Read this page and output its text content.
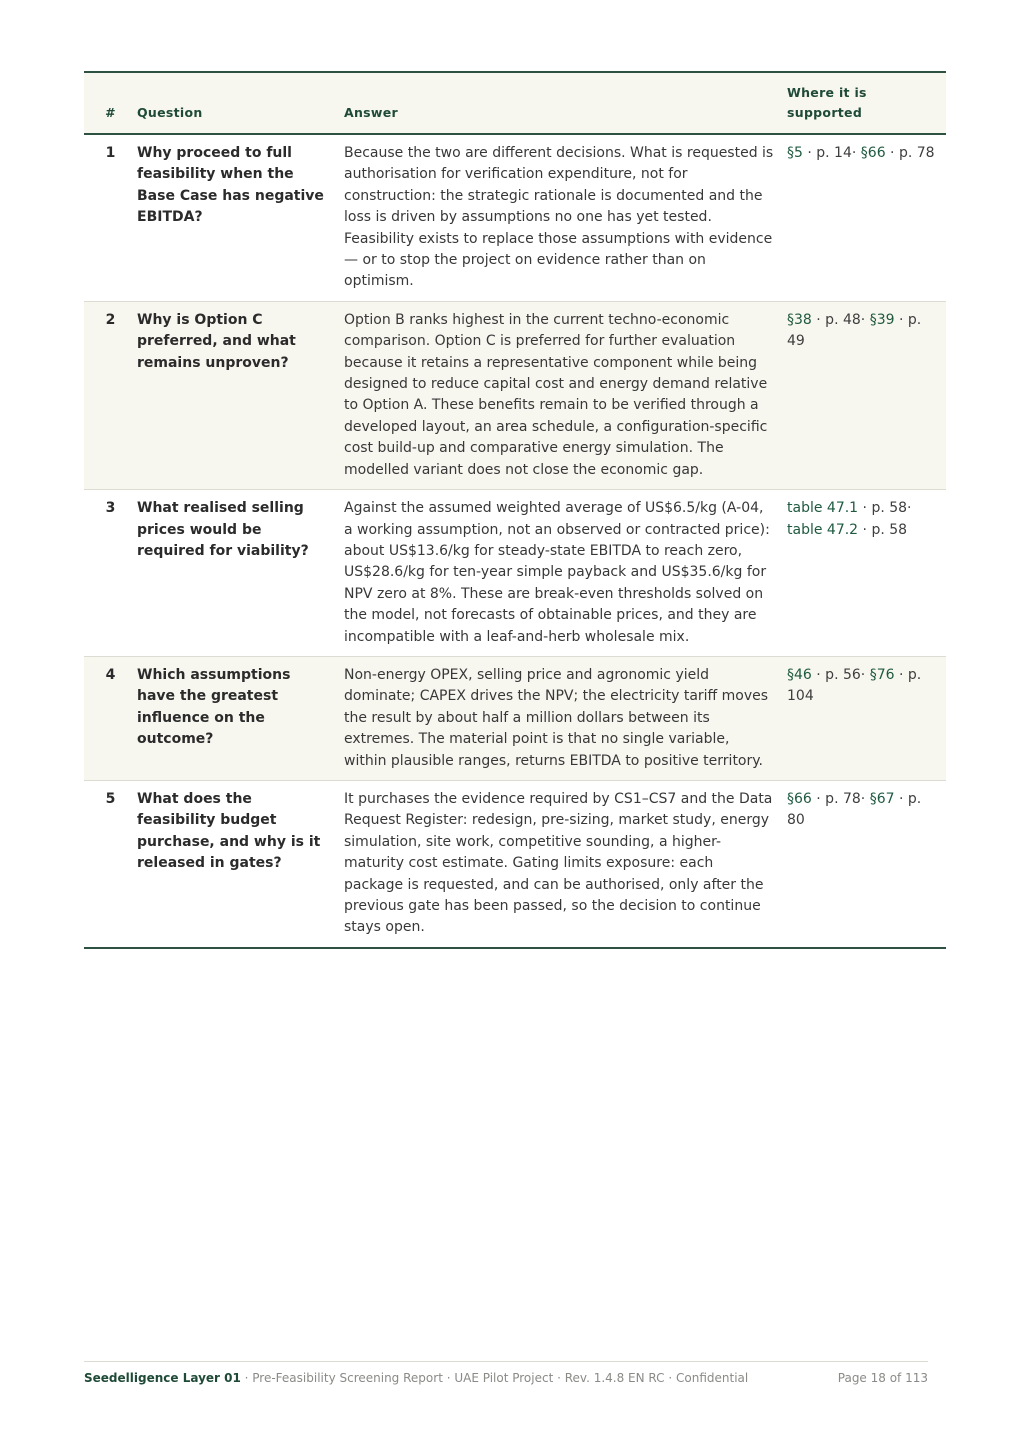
#	Question	Answer	Where it is supported
1	Why proceed to full feasibility when the Base Case has negative EBITDA?	Because the two are different decisions. What is requested is authorisation for verification expenditure, not for construction: the strategic rationale is documented and the loss is driven by assumptions no one has yet tested. Feasibility exists to replace those assumptions with evidence — or to stop the project on evidence rather than on optimism.	§5 · p. 14· §66 · p. 78
2	Why is Option C preferred, and what remains unproven?	Option B ranks highest in the current techno-economic comparison. Option C is preferred for further evaluation because it retains a representative component while being designed to reduce capital cost and energy demand relative to Option A. These benefits remain to be verified through a developed layout, an area schedule, a configuration-specific cost build-up and comparative energy simulation. The modelled variant does not close the economic gap.	§38 · p. 48· §39 · p. 49
3	What realised selling prices would be required for viability?	Against the assumed weighted average of US$6.5/kg (A-04, a working assumption, not an observed or contracted price): about US$13.6/kg for steady-state EBITDA to reach zero, US$28.6/kg for ten-year simple payback and US$35.6/kg for NPV zero at 8%. These are break-even thresholds solved on the model, not forecasts of obtainable prices, and they are incompatible with a leaf-and-herb wholesale mix.	table 47.1 · p. 58· table 47.2 · p. 58
4	Which assumptions have the greatest influence on the outcome?	Non-energy OPEX, selling price and agronomic yield dominate; CAPEX drives the NPV; the electricity tariff moves the result by about half a million dollars between its extremes. The material point is that no single variable, within plausible ranges, returns EBITDA to positive territory.	§46 · p. 56· §76 · p. 104
5	What does the feasibility budget purchase, and why is it released in gates?	It purchases the evidence required by CS1–CS7 and the Data Request Register: redesign, pre-sizing, market study, energy simulation, site work, competitive sounding, a higher-maturity cost estimate. Gating limits exposure: each package is requested, and can be authorised, only after the previous gate has been passed, so the decision to continue stays open.	§66 · p. 78· §67 · p. 80
Seedelligence Layer 01 · Pre-Feasibility Screening Report · UAE Pilot Project · Rev. 1.4.8 EN RC · Confidential	Page 18 of 113
